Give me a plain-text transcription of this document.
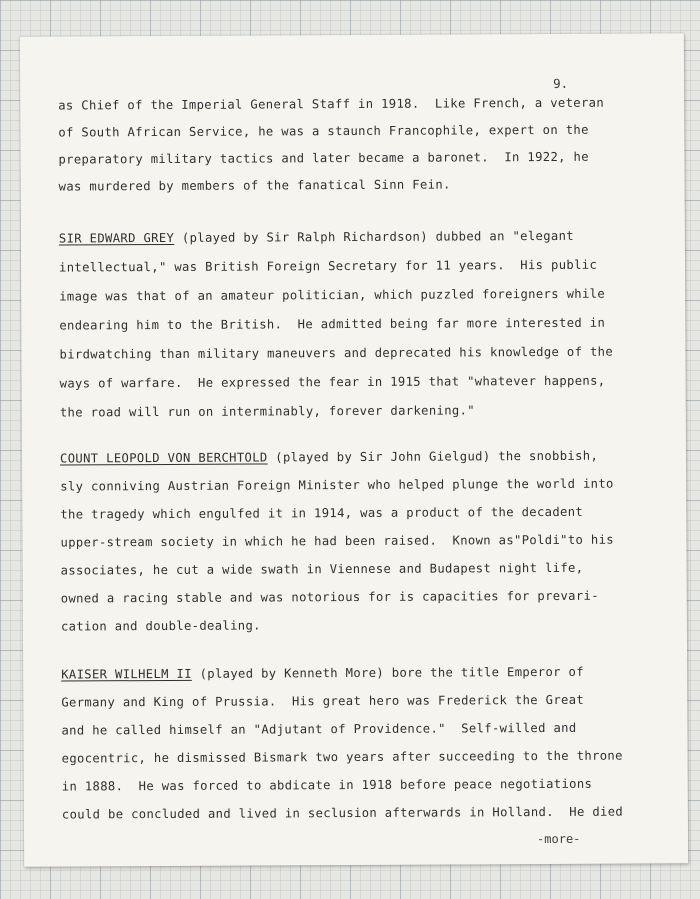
9.
as Chief of the Imperial General Staff in 1918.  Like French, a veteran
of South African Service, he was a staunch Francophile, expert on the
preparatory military tactics and later became a baronet.  In 1922, he
was murdered by members of the fanatical Sinn Fein.
SIR EDWARD GREY (played by Sir Ralph Richardson) dubbed an "elegant
intellectual," was British Foreign Secretary for 11 years.  His public
image was that of an amateur politician, which puzzled foreigners while
endearing him to the British.  He admitted being far more interested in
birdwatching than military maneuvers and deprecated his knowledge of the
ways of warfare.  He expressed the fear in 1915 that "whatever happens,
the road will run on interminably, forever darkening."
COUNT LEOPOLD VON BERCHTOLD (played by Sir John Gielgud) the snobbish,
sly conniving Austrian Foreign Minister who helped plunge the world into
the tragedy which engulfed it in 1914, was a product of the decadent
upper-stream society in which he had been raised.  Known as"Poldi"to his
associates, he cut a wide swath in Viennese and Budapest night life,
owned a racing stable and was notorious for is capacities for prevari-
cation and double-dealing.
KAISER WILHELM II (played by Kenneth More) bore the title Emperor of
Germany and King of Prussia.  His great hero was Frederick the Great
and he called himself an "Adjutant of Providence."  Self-willed and
egocentric, he dismissed Bismark two years after succeeding to the throne
in 1888.  He was forced to abdicate in 1918 before peace negotiations
could be concluded and lived in seclusion afterwards in Holland.  He died
-more-
